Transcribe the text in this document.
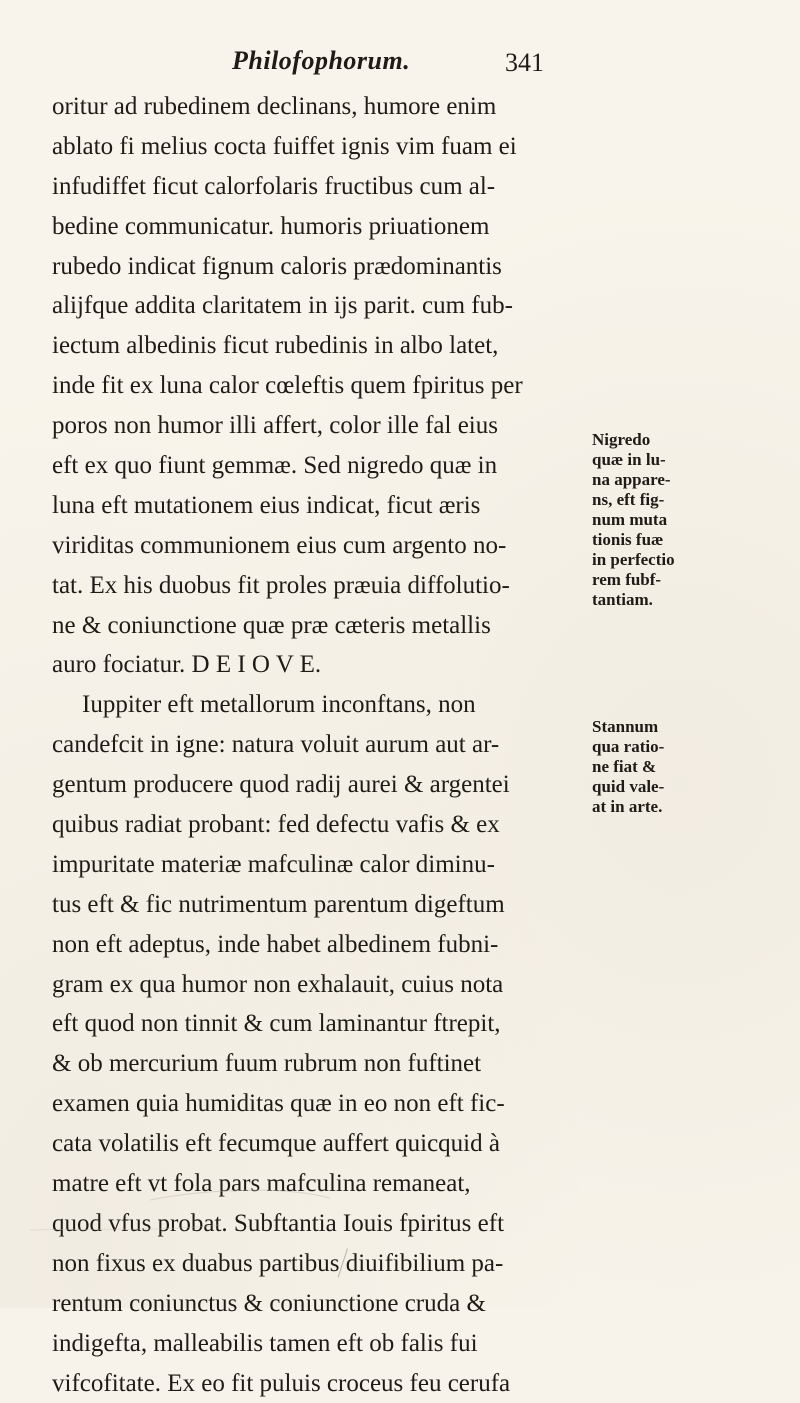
Philofophorum.	341
oritur ad rubedinem declinans, humore enim
ablato fi melius cocta fuiffet ignis vim fuam ei
infudiffet ficut calorfolaris fructibus cum al-
bedine communicatur. humoris priuationem
rubedo indicat fignum caloris prædominantis
alijfque addita claritatem in ijs parit. cum fub-
iectum albedinis ficut rubedinis in albo latet,
inde fit ex luna calor cœleftis quem fpiritus per
poros non humor illi affert, color ille fal eius
eft ex quo fiunt gemmæ. Sed nigredo quæ in
luna eft mutationem eius indicat, ficut æris
viriditas communionem eius cum argento no-
tat. Ex his duobus fit proles præuia diffolutio-
ne & coniunctione quæ præ cæteris metallis
auro fociatur. D E I O V E.
Iuppiter eft metallorum inconftans, non
candefcit in igne: natura voluit aurum aut ar-
gentum producere quod radij aurei & argentei
quibus radiat probant: fed defectu vafis & ex
impuritate materiæ mafculinæ calor diminu-
tus eft & fic nutrimentum parentum digeftum
non eft adeptus, inde habet albedinem fubni-
gram ex qua humor non exhalauit, cuius nota
eft quod non tinnit & cum laminantur ftrepit,
& ob mercurium fuum rubrum non fuftinet
examen quia humiditas quæ in eo non eft fic-
cata volatilis eft fecumque auffert quicquid à
matre eft vt fola pars mafculina remaneat,
quod vfus probat. Subftantia Iouis fpiritus eft
non fixus ex duabus partibus diuifibilium pa-
rentum coniunctus & coniunctione cruda &
indigefta, malleabilis tamen eft ob falis fui
vifcofitate. Ex eo fit puluis croceus feu cerufa
Nigredo
quæ in lu-
na appare-
ns, eft fig-
num muta
tionis fuæ
in perfectio
rem fubf-
tantiam.
Stannum
qua ratio-
ne fiat &
quid vale-
at in arte.
